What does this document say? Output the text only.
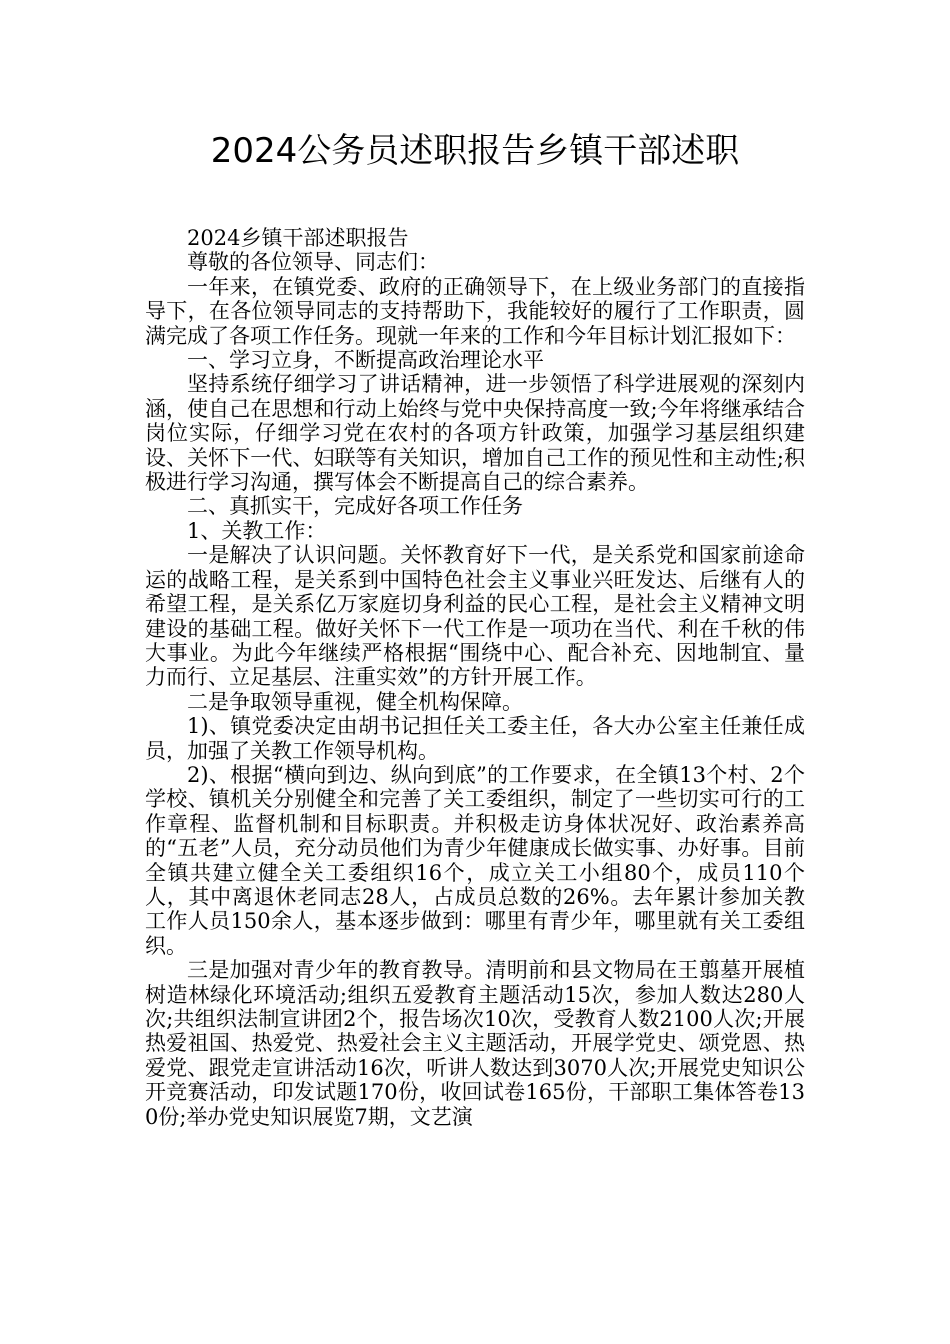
2024公务员述职报告乡镇干部述职

2024乡镇干部述职报告

尊敬的各位领导、同志们：

一年来，在镇党委、政府的正确领导下，在上级业务部门的直接指导下，在各位领导同志的支持帮助下，我能较好的履行了工作职责，圆满完成了各项工作任务。现就一年来的工作和今年目标计划汇报如下：

一、学习立身，不断提高政治理论水平

坚持系统仔细学习了讲话精神，进一步领悟了科学进展观的深刻内涵，使自己在思想和行动上始终与党中央保持高度一致;今年将继承结合岗位实际，仔细学习党在农村的各项方针政策，加强学习基层组织建设、关怀下一代、妇联等有关知识，增加自己工作的预见性和主动性;积极进行学习沟通，撰写体会不断提高自己的综合素养。

二、真抓实干，完成好各项工作任务

1、关教工作：

一是解决了认识问题。关怀教育好下一代，是关系党和国家前途命运的战略工程，是关系到中国特色社会主义事业兴旺发达、后继有人的希望工程，是关系亿万家庭切身利益的民心工程，是社会主义精神文明建设的基础工程。做好关怀下一代工作是一项功在当代、利在千秋的伟大事业。为此今年继续严格根据“围绕中心、配合补充、因地制宜、量力而行、立足基层、注重实效”的方针开展工作。

二是争取领导重视，健全机构保障。

1)、镇党委决定由胡书记担任关工委主任，各大办公室主任兼任成员，加强了关教工作领导机构。

2)、根据“横向到边、纵向到底”的工作要求，在全镇13个村、2个学校、镇机关分别健全和完善了关工委组织，制定了一些切实可行的工作章程、监督机制和目标职责。并积极走访身体状况好、政治素养高的“五老”人员，充分动员他们为青少年健康成长做实事、办好事。目前全镇共建立健全关工委组织16个，成立关工小组80个，成员110个人，其中离退休老同志28人，占成员总数的26%。去年累计参加关教工作人员150余人，基本逐步做到：哪里有青少年，哪里就有关工委组织。

三是加强对青少年的教育教导。清明前和县文物局在王翦墓开展植树造林绿化环境活动;组织五爱教育主题活动15次，参加人数达280人次;共组织法制宣讲团2个，报告场次10次，受教育人数2100人次;开展热爱祖国、热爱党、热爱社会主义主题活动，开展学党史、颂党恩、热爱党、跟党走宣讲活动16次，听讲人数达到3070人次;开展党史知识公开竞赛活动，印发试题170份，收回试卷165份，干部职工集体答卷130份;举办党史知识展览7期，文艺演
